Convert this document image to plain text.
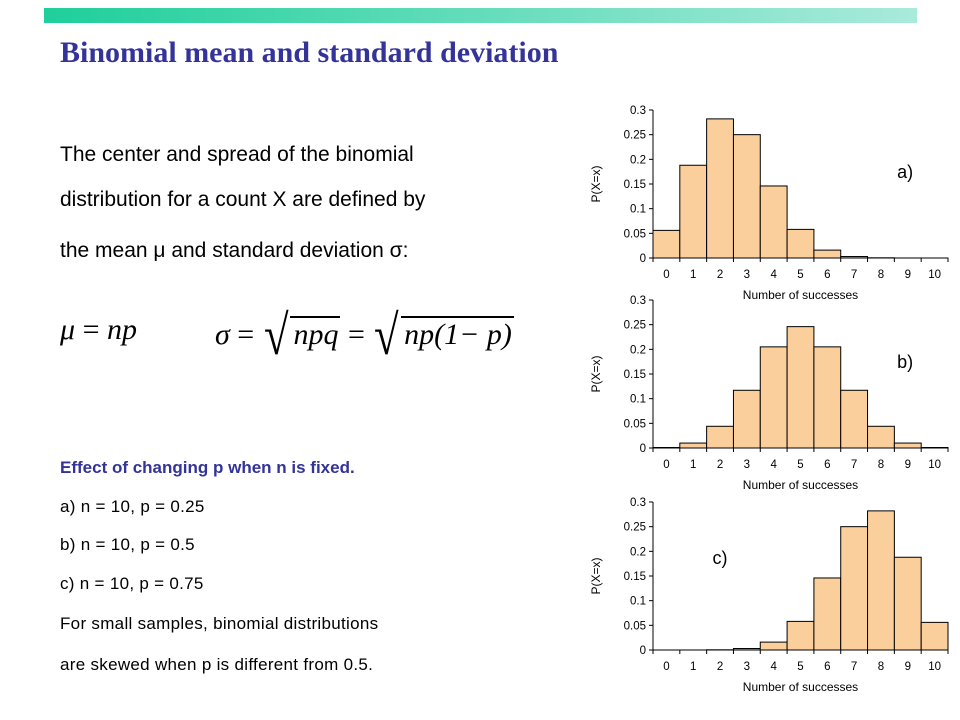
Binomial mean and standard deviation
The center and spread of the binomial
distribution for a count X are defined by
the mean μ and standard deviation σ:
μ = np	σ = √ npq = √ np(1− p)
Effect of changing p when n is fixed.
a) n = 10, p = 0.25
b) n = 10, p = 0.5
c) n = 10, p = 0.75
For small samples, binomial distributions
are skewed when p is different from 0.5.
0
0.05
0.1
0.15
0.2
0.25
0.3
0 1 2 3 4 5 6 7 8 9 10
Number of successes
P(X=x)	a)
0
0.05
0.1
0.15
0.2
0.25
0.3
0 1 2 3 4 5 6 7 8 9 10
Number of successes
P(X=x)	b)
0
0.05
0.1
0.15
0.2
0.25
0.3
0 1 2 3 4 5 6 7 8 9 10
Number of successes
P(X=x)	c)
